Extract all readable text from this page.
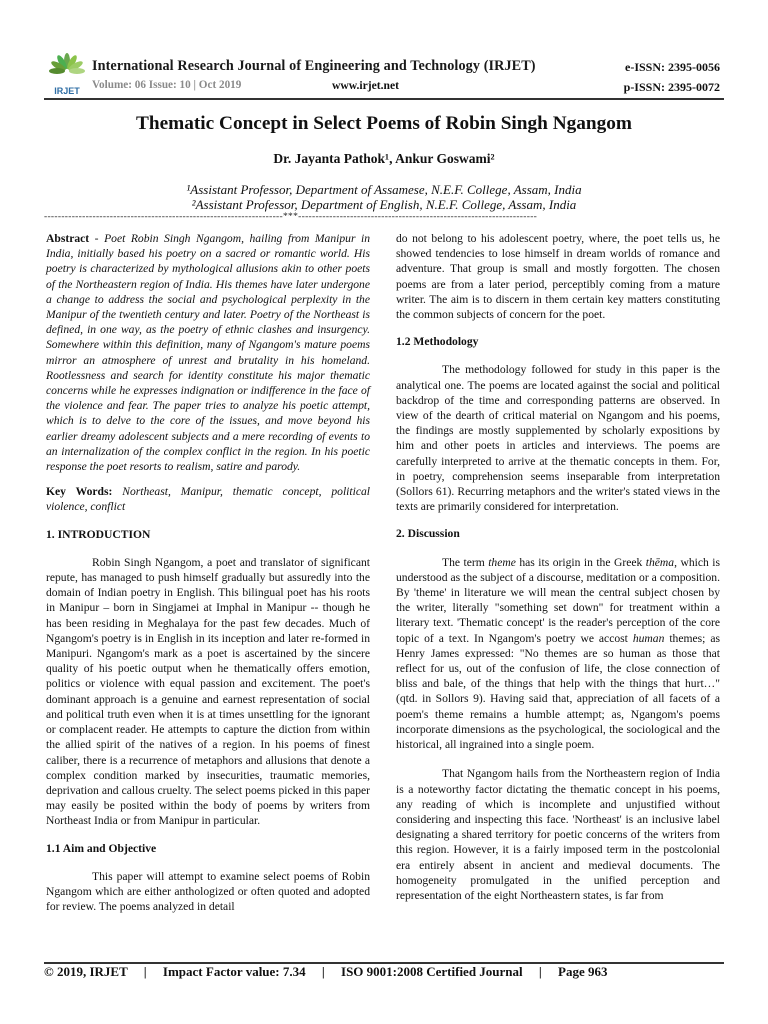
IRJET
International Research Journal of Engineering and Technology (IRJET)
Volume: 06 Issue: 10 | Oct 2019	www.irjet.net
e-ISSN: 2395-0056
p-ISSN: 2395-0072
Thematic Concept in Select Poems of Robin Singh Ngangom
Dr. Jayanta Pathok¹, Ankur Goswami²
¹Assistant Professor, Department of Assamese, N.E.F. College, Assam, India
²Assistant Professor, Department of English, N.E.F. College, Assam, India
---------------------------------------------------------------------***---------------------------------------------------------------------

Abstract - Poet Robin Singh Ngangom, hailing from Manipur in India, initially based his poetry on a sacred or romantic world. His poetry is characterized by mythological allusions akin to other poets of the Northeastern region of India. His themes have later undergone a change to address the social and psychological perplexity in the Manipur of the twentieth century and later. Poetry of the Northeast is defined, in one way, as the poetry of ethnic clashes and insurgency. Somewhere within this definition, many of Ngangom's mature poems mirror an atmosphere of unrest and brutality in his homeland. Rootlessness and search for identity constitute his major thematic concerns while he expresses indignation or indifference in the face of the violence and fear. The paper tries to analyze his poetic attempt, which is to delve to the core of the issues, and move beyond his earlier dreamy adolescent subjects and a mere recording of events to an internalization of the complex conflict in the region. In his poetic response the poet resorts to realism, satire and parody.

Key Words: Northeast, Manipur, thematic concept, political violence, conflict

1. INTRODUCTION

Robin Singh Ngangom, a poet and translator of significant repute, has managed to push himself gradually but assuredly into the domain of Indian poetry in English. This bilingual poet has his roots in Manipur – born in Singjamei at Imphal in Manipur -- though he has been residing in Meghalaya for the past few decades. Much of Ngangom's poetry is in English in its inception and later re-formed in Manipuri. Ngangom's mark as a poet is ascertained by the sincere quality of his poetic output when he thematically offers emotion, politics or violence with equal passion and excitement. The poet's dominant approach is a genuine and earnest representation of social and political truth even when it is at times unsettling for the ignorant or complacent reader. He attempts to capture the diction from within the allied spirit of the natives of a region. In his poems of finest caliber, there is a recurrence of metaphors and allusions that denote a complex condition marked by insecurities, traumatic memories, deprivation and callous cruelty. The select poems picked in this paper may easily be posited within the body of poems by writers from Northeast India or from Manipur in particular.

1.1 Aim and Objective

This paper will attempt to examine select poems of Robin Ngangom which are either anthologized or often quoted and adopted for review. The poems analyzed in detail

do not belong to his adolescent poetry, where, the poet tells us, he showed tendencies to lose himself in dream worlds of romance and adventure. That group is small and mostly forgotten. The chosen poems are from a later period, perceptibly coming from a mature writer. The aim is to discern in them certain key matters constituting the common subjects of concern for the poet.

1.2 Methodology

The methodology followed for study in this paper is the analytical one. The poems are located against the social and political backdrop of the time and corresponding patterns are observed. In view of the dearth of critical material on Ngangom and his poems, the findings are mostly supplemented by scholarly expositions by him and other poets in articles and interviews. The poems are carefully interpreted to arrive at the thematic concepts in them. For, in poetry, comprehension seems inseparable from interpretation (Sollors 61). Recurring metaphors and the writer's stated views in the texts are primarily considered for interpretation.

2. Discussion

The term theme has its origin in the Greek thēma, which is understood as the subject of a discourse, meditation or a composition. By 'theme' in literature we will mean the central subject chosen by the writer, literally "something set down" for treatment within a literary text. 'Thematic concept' is the reader's perception of the core topic of a text. In Ngangom's poetry we accost human themes; as Henry James expressed: "No themes are so human as those that reflect for us, out of the confusion of life, the close connection of bliss and bale, of the things that help with the things that hurt…" (qtd. in Sollors 9). Having said that, appreciation of all facets of a poem's theme remains a humble attempt; as, Ngangom's poems incorporate dimensions as the psychological, the sociological and the historical, all ingrained into a single poem.

That Ngangom hails from the Northeastern region of India is a noteworthy factor dictating the thematic concept in his poems, any reading of which is incomplete and unjustified without considering and inspecting this face. 'Northeast' is an inclusive label designating a shared territory for poetic concerns of the writers from this region. However, it is a fairly imposed term in the postcolonial era entirely absent in ancient and medieval documents. The homogeneity promulgated in the unified perception and representation of the eight Northeastern states, is far from

© 2019, IRJET     |     Impact Factor value: 7.34     |     ISO 9001:2008 Certified Journal     |     Page 963
